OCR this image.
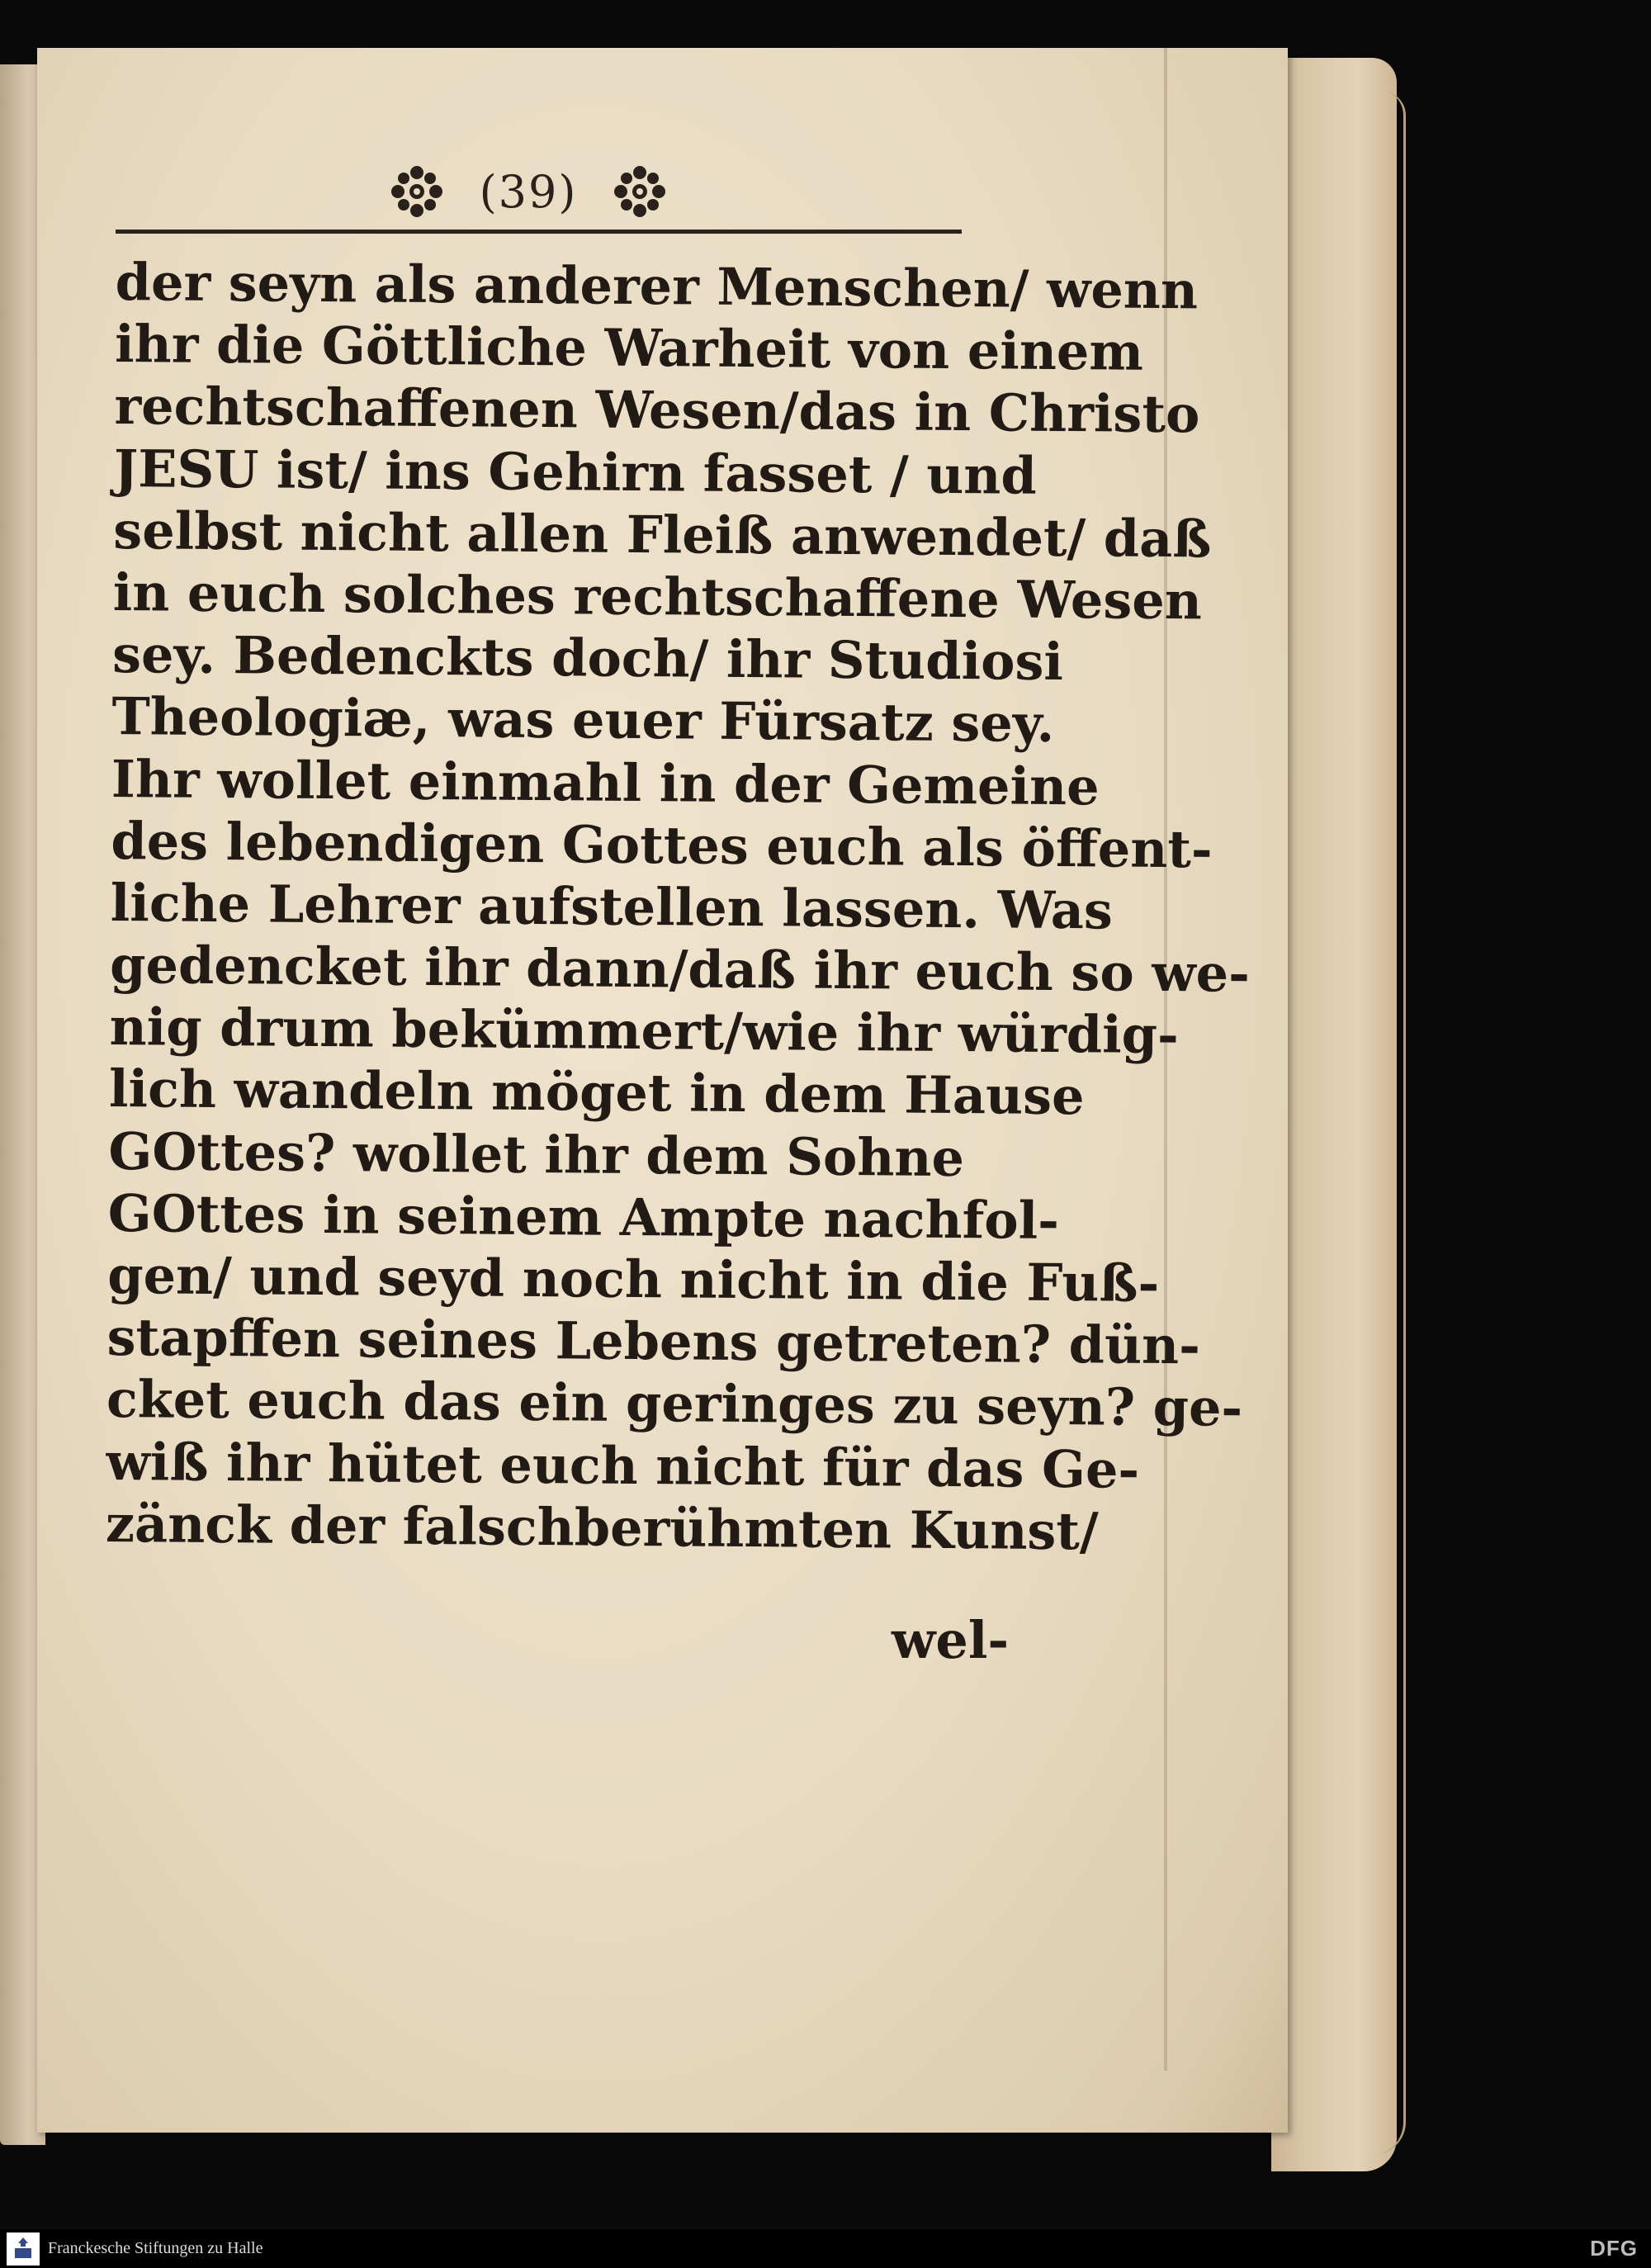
(39)
der seyn als anderer Menschen/ wenn
ihr die Göttliche Warheit von einem
rechtschaffenen Wesen/das in Christo
JESU ist/ ins Gehirn fasset / und
selbst nicht allen Fleiß anwendet/ daß
in euch solches rechtschaffene Wesen
sey. Bedenckts doch/ ihr Studiosi
Theologiæ, was euer Fürsatz sey.
Ihr wollet einmahl in der Gemeine
des lebendigen Gottes euch als öffent-
liche Lehrer aufstellen lassen. Was
gedencket ihr dann/daß ihr euch so we-
nig drum bekümmert/wie ihr würdig-
lich wandeln möget in dem Hause
GOttes? wollet ihr dem Sohne
GOttes in seinem Ampte nachfol-
gen/ und seyd noch nicht in die Fuß-
stapffen seines Lebens getreten? dün-
cket euch das ein geringes zu seyn? ge-
wiß ihr hütet euch nicht für das Ge-
zänck der falschberühmten Kunst/
wel-
Franckesche Stiftungen zu Halle	DFG
